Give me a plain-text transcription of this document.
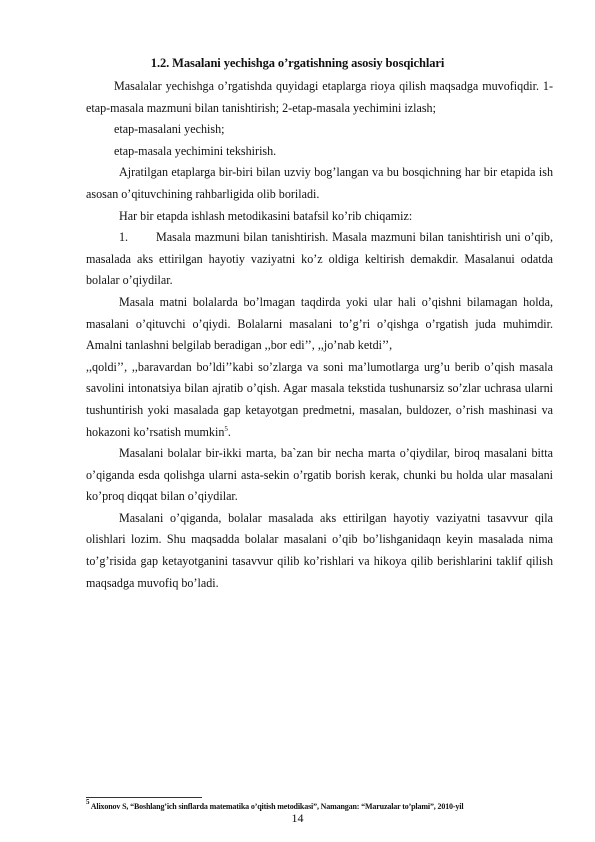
1.2. Masalani yechishga o’rgatishning asosiy bosqichlari

Masalalar yechishga o’rgatishda quyidagi etaplarga rioya qilish maqsadga muvofiqdir. 1-etap-masala mazmuni bilan tanishtirish; 2-etap-masala yechimini izlash;

etap-masalani yechish;

etap-masala yechimini tekshirish.

Ajratilgan etaplarga bir-biri bilan uzviy bog’langan va bu bosqichning har bir etapida ish asosan o’qituvchining rahbarligida olib boriladi.

Har bir etapda ishlash metodikasini batafsil ko’rib chiqamiz:

1. Masala mazmuni bilan tanishtirish. Masala mazmuni bilan tanishtirish uni o’qib, masalada aks ettirilgan hayotiy vaziyatni ko’z oldiga keltirish demakdir. Masalanui odatda bolalar o’qiydilar.

Masala matni bolalarda bo’lmagan taqdirda yoki ular hali o’qishni bilamagan holda, masalani o’qituvchi o’qiydi. Bolalarni masalani to’g’ri o’qishga o’rgatish juda muhimdir. Amalni tanlashni belgilab beradigan ,,bor edi’’, ,,jo’nab ketdi’’,

,,qoldi’’, ,,baravardan bo’ldi’’kabi so’zlarga va soni ma’lumotlarga urg’u berib o’qish masala savolini intonatsiya bilan ajratib o’qish. Agar masala tekstida tushunarsiz so’zlar uchrasa ularni tushuntirish yoki masalada gap ketayotgan predmetni, masalan, buldozer, o’rish mashinasi va hokazoni ko’rsatish mumkin$^5$.

Masalani bolalar bir-ikki marta, ba`zan bir necha marta o’qiydilar, biroq masalani bitta o’qiganda esda qolishga ularni asta-sekin o’rgatib borish kerak, chunki bu holda ular masalani ko’proq diqqat bilan o’qiydilar.

Masalani o’qiganda, bolalar masalada aks ettirilgan hayotiy vaziyatni tasavvur qila olishlari lozim. Shu maqsadda bolalar masalani o’qib bo’lishganidaqn keyin masalada nima to’g’risida gap ketayotganini tasavvur qilib ko’rishlari va hikoya qilib berishlarini taklif qilish maqsadga muvofiq bo’ladi.

$^5$ Alixonov S, “Boshlang’ich sinflarda matematika o’qitish metodikasi”, Namangan: “Maruzalar to’plami”, 2010-yil
14
